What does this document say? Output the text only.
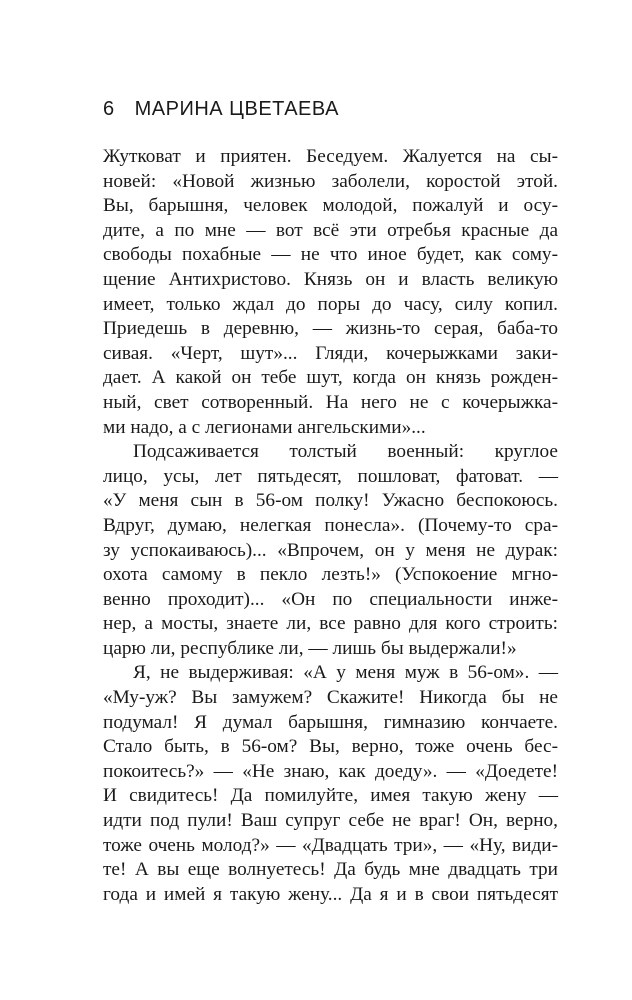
6 МАРИНА ЦВЕТАЕВА
Жутковат и приятен. Беседуем. Жалуется на сы-
новей: «Новой жизнью заболели, коростой этой.
Вы, барышня, человек молодой, пожалуй и осу-
дите, а по мне — вот всё эти отребья красные да
свободы похабные — не что иное будет, как сому-
щение Антихристово. Князь он и власть великую
имеет, только ждал до поры до часу, силу копил.
Приедешь в деревню, — жизнь-то серая, баба-то
сивая. «Черт, шут»... Гляди, кочерыжками заки-
дает. А какой он тебе шут, когда он князь рожден-
ный, свет сотворенный. На него не с кочерыжка-
ми надо, а с легионами ангельскими»...
Подсаживается толстый военный: круглое
лицо, усы, лет пятьдесят, пошловат, фатоват. —
«У меня сын в 56-ом полку! Ужасно беспокоюсь.
Вдруг, думаю, нелегкая понесла». (Почему-то сра-
зу успокаиваюсь)... «Впрочем, он у меня не дурак:
охота самому в пекло лезть!» (Успокоение мгно-
венно проходит)... «Он по специальности инже-
нер, а мосты, знаете ли, все равно для кого строить:
царю ли, республике ли, — лишь бы выдержали!»
Я, не выдерживая: «А у меня муж в 56-ом». —
«Му-уж? Вы замужем? Скажите! Никогда бы не
подумал! Я думал барышня, гимназию кончаете.
Стало быть, в 56-ом? Вы, верно, тоже очень бес-
покоитесь?» — «Не знаю, как доеду». — «Доедете!
И свидитесь! Да помилуйте, имея такую жену —
идти под пули! Ваш супруг себе не враг! Он, верно,
тоже очень молод?» — «Двадцать три», — «Ну, види-
те! А вы еще волнуетесь! Да будь мне двадцать три
года и имей я такую жену... Да я и в свои пятьдесят
